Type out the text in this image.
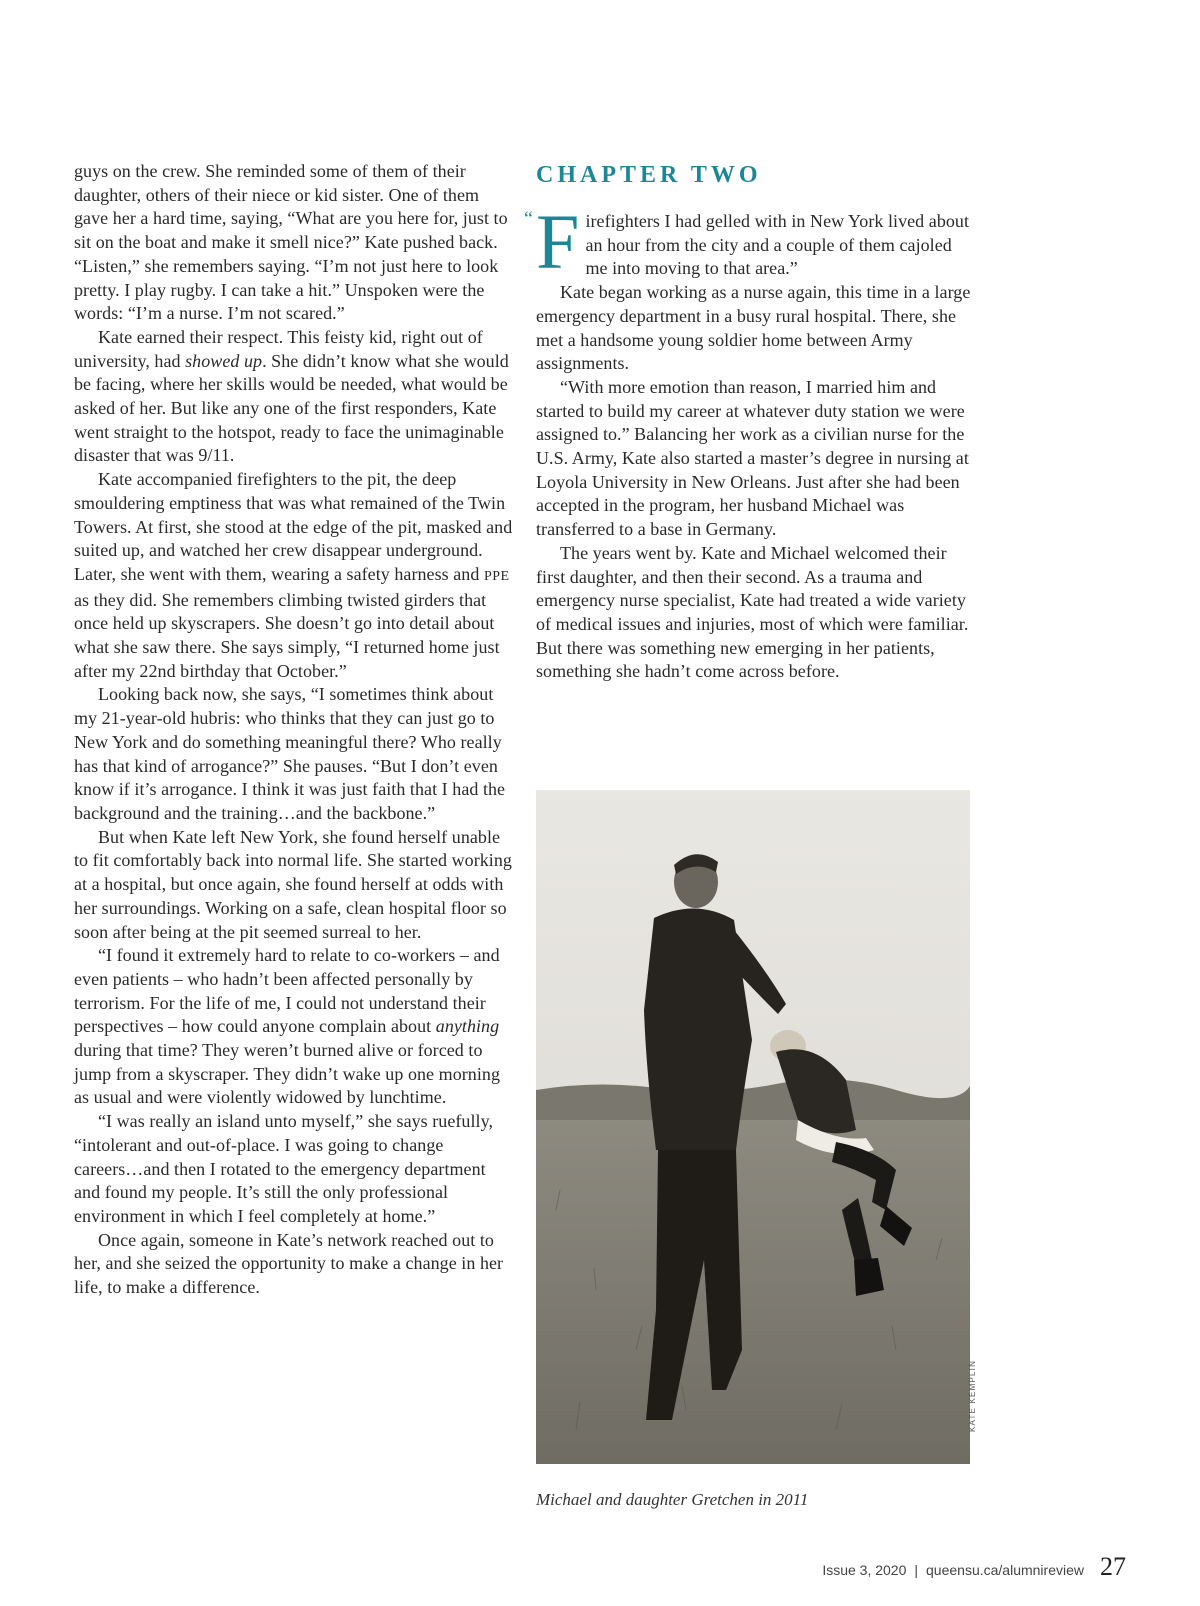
guys on the crew. She reminded some of them of their daughter, others of their niece or kid sister. One of them gave her a hard time, saying, “What are you here for, just to sit on the boat and make it smell nice?” Kate pushed back. “Listen,” she remembers saying. “I’m not just here to look pretty. I play rugby. I can take a hit.” Unspoken were the words: “I’m a nurse. I’m not scared.”

Kate earned their respect. This feisty kid, right out of university, had showed up. She didn’t know what she would be facing, where her skills would be needed, what would be asked of her. But like any one of the first responders, Kate went straight to the hotspot, ready to face the unimaginable disaster that was 9/11.

Kate accompanied firefighters to the pit, the deep smouldering emptiness that was what remained of the Twin Towers. At first, she stood at the edge of the pit, masked and suited up, and watched her crew disappear underground. Later, she went with them, wearing a safety harness and PPE as they did. She remembers climbing twisted girders that once held up skyscrapers. She doesn’t go into detail about what she saw there. She says simply, “I returned home just after my 22nd birthday that October.”

Looking back now, she says, “I sometimes think about my 21-year-old hubris: who thinks that they can just go to New York and do something meaningful there? Who really has that kind of arrogance?” She pauses. “But I don’t even know if it’s arrogance. I think it was just faith that I had the background and the training…and the backbone.”

But when Kate left New York, she found herself unable to fit comfortably back into normal life. She started working at a hospital, but once again, she found herself at odds with her surroundings. Working on a safe, clean hospital floor so soon after being at the pit seemed surreal to her.

“I found it extremely hard to relate to co-workers – and even patients – who hadn’t been affected personally by terrorism. For the life of me, I could not understand their perspectives – how could anyone complain about anything during that time? They weren’t burned alive or forced to jump from a skyscraper. They didn’t wake up one morning as usual and were violently widowed by lunchtime.

“I was really an island unto myself,” she says ruefully, “intolerant and out-of-place. I was going to change careers…and then I rotated to the emergency department and found my people. It’s still the only professional environment in which I feel completely at home.”

Once again, someone in Kate’s network reached out to her, and she seized the opportunity to make a change in her life, to make a difference.

CHAPTER TWO
“ Firefighters I had gelled with in New York lived about an hour from the city and a couple of them cajoled me into moving to that area.”

Kate began working as a nurse again, this time in a large emergency department in a busy rural hospital. There, she met a handsome young soldier home between Army assignments.

“With more emotion than reason, I married him and started to build my career at whatever duty station we were assigned to.” Balancing her work as a civilian nurse for the U.S. Army, Kate also started a master’s degree in nursing at Loyola University in New Orleans. Just after she had been accepted in the program, her husband Michael was transferred to a base in Germany.

The years went by. Kate and Michael welcomed their first daughter, and then their second. As a trauma and emergency nurse specialist, Kate had treated a wide variety of medical issues and injuries, most of which were familiar. But there was something new emerging in her patients, something she hadn’t come across before.

KATE KEMPLIN
Michael and daughter Gretchen in 2011
Issue 3, 2020 | queensu.ca/alumnireview 27
